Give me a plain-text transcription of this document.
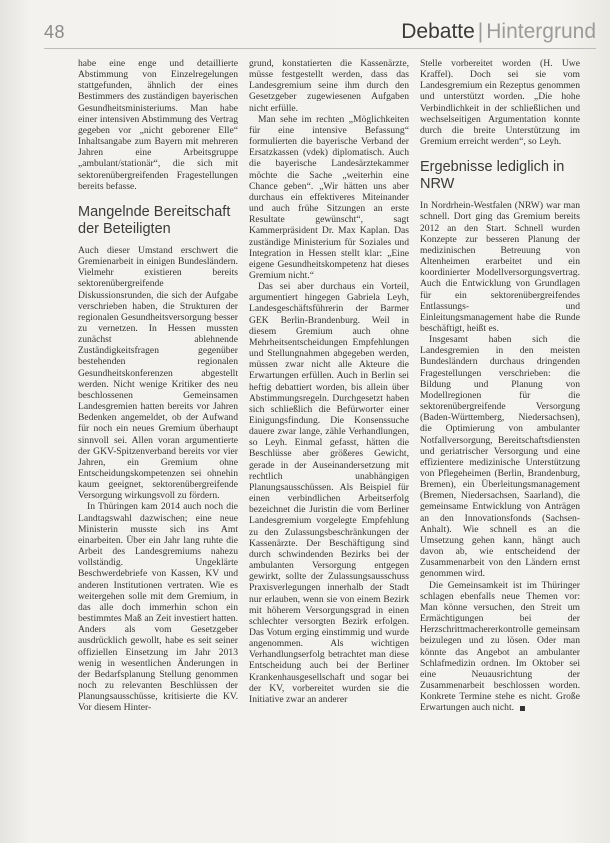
48	Debatte | Hintergrund

habe eine enge und detaillierte Abstimmung von Einzelregelungen stattgefunden, ähnlich der eines Bestimmers des zuständigen bayerischen Gesundheitsministeriums. Man habe einer intensiven Abstimmung des Vertrag gegeben vor „nicht geborener Elle“ Inhaltsangabe zum Bayern mit mehreren Jahren eine Arbeitsgruppe „ambulant/stationär“, die sich mit sektorenübergreifenden Fragestellungen bereits befasse.

Mangelnde Bereitschaft der Beteiligten

Auch dieser Umstand erschwert die Gremienarbeit in einigen Bundesländern. Vielmehr existieren bereits sektorenübergreifende Diskussionsrunden, die sich der Aufgabe verschrieben haben, die Strukturen der regionalen Gesundheitsversorgung besser zu vernetzen. In Hessen mussten zunächst ablehnende Zuständigkeitsfragen gegenüber bestehenden regionalen Gesundheitskonferenzen abgestellt werden. Nicht wenige Kritiker des neu beschlossenen Gemeinsamen Landesgremien hatten bereits vor Jahren Bedenken angemeldet, ob der Aufwand für noch ein neues Gremium überhaupt sinnvoll sei. Allen voran argumentierte der GKV-Spitzenverband bereits vor vier Jahren, ein Gremium ohne Entscheidungskompetenzen sei ohnehin kaum geeignet, sektorenübergreifende Versorgung wirkungsvoll zu fördern.

In Thüringen kam 2014 auch noch die Landtagswahl dazwischen; eine neue Ministerin musste sich ins Amt einarbeiten. Über ein Jahr lang ruhte die Arbeit des Landesgremiums nahezu vollständig. Ungeklärte Beschwerdebriefe von Kassen, KV und anderen Institutionen vertraten. Wie es weitergehen solle mit dem Gremium, in das alle doch immerhin schon ein bestimmtes Maß an Zeit investiert hatten. Anders als vom Gesetzgeber ausdrücklich gewollt, habe es seit seiner offiziellen Einsetzung im Jahr 2013 wenig in wesentlichen Änderungen in der Bedarfsplanung Stellung genommen noch zu relevanten Beschlüssen der Planungsausschüsse, kritisierte die KV. Vor diesem Hinter-

grund, konstatierten die Kassenärzte, müsse festgestellt werden, dass das Landesgremium seine ihm durch den Gesetzgeber zugewiesenen Aufgaben nicht erfülle.

Man sehe im rechten „Möglichkeiten für eine intensive Befassung“ formulierten die bayerische Verband der Ersatzkassen (vdek) diplomatisch. Auch die bayerische Landesärztekammer möchte die Sache „weiterhin eine Chance geben“. „Wir hätten uns aber durchaus ein effektiveres Miteinander und auch frühe Sitzungen an erste Resultate gewünscht“, sagt Kammerpräsident Dr. Max Kaplan. Das zuständige Ministerium für Soziales und Integration in Hessen stellt klar: „Eine eigene Gesundheitskompetenz hat dieses Gremium nicht.“

Das sei aber durchaus ein Vorteil, argumentiert hingegen Gabriela Leyh, Landesgeschäftsführerin der Barmer GEK Berlin-Brandenburg. Weil in diesem Gremium auch ohne Mehrheitsentscheidungen Empfehlungen und Stellungnahmen abgegeben werden, müssen zwar nicht alle Akteure die Erwartungen erfüllen. Auch in Berlin sei heftig debattiert worden, bis allein über Abstimmungsregeln. Durchgesetzt haben sich schließlich die Befürworter einer Einigungsfindung. Die Konsenssuche dauere zwar lange, zähle Verhandlungen, so Leyh. Einmal gefasst, hätten die Beschlüsse aber größeres Gewicht, gerade in der Auseinandersetzung mit rechtlich unabhängigen Planungsausschüssen. Als Beispiel für einen verbindlichen Arbeitserfolg bezeichnet die Juristin die vom Berliner Landesgremium vorgelegte Empfehlung zu den Zulassungsbeschränkungen der Kassenärzte. Der Beschäftigung sind durch schwindenden Bezirks bei der ambulanten Versorgung entgegen gewirkt, sollte der Zulassungsausschuss Praxisverlegungen innerhalb der Stadt nur erlauben, wenn sie von einem Bezirk mit höherem Versorgungsgrad in einen schlechter versorgten Bezirk erfolgen. Das Votum erging einstimmig und wurde angenommen. Als wichtigen Verhandlungserfolg betrachtet man diese Entscheidung auch bei der Berliner Krankenhausgesellschaft und sogar bei der KV, vorbereitet wurden sie die Initiative zwar an anderer

Stelle vorbereitet worden (H. Uwe Kraffel). Doch sei sie vom Landesgremium ein Rezeptus genommen und unterstützt worden. „Die hohe Verbindlichkeit in der schließlichen und wechselseitigen Argumentation konnte durch die breite Unterstützung im Gremium erreicht werden“, so Leyh.

Ergebnisse lediglich in NRW

In Nordrhein-Westfalen (NRW) war man schnell. Dort ging das Gremium bereits 2012 an den Start. Schnell wurden Konzepte zur besseren Planung der medizinischen Betreuung von Altenheimen erarbeitet und ein koordinierter Modellversorgungsvertrag. Auch die Entwicklung von Grundlagen für ein sektorenübergreifendes Entlassungs- und Einleitungsmanagement habe die Runde beschäftigt, heißt es.

Insgesamt haben sich die Landesgremien in den meisten Bundesländern durchaus dringenden Fragestellungen verschrieben: die Bildung und Planung von Modellregionen für die sektorenübergreifende Versorgung (Baden-Württemberg, Niedersachsen), die Optimierung von ambulanter Notfallversorgung, Bereitschaftsdiensten und geriatrischer Versorgung und eine effizientere medizinische Unterstützung von Pflegeheimen (Berlin, Brandenburg, Bremen), ein Überleitungsmanagement (Bremen, Niedersachsen, Saarland), die gemeinsame Entwicklung von Anträgen an den Innovationsfonds (Sachsen-Anhalt). Wie schnell es an die Umsetzung gehen kann, hängt auch davon ab, wie entscheidend der Zusammenarbeit von den Ländern ernst genommen wird.

Die Gemeinsamkeit ist im Thüringer schlagen ebenfalls neue Themen vor: Man könne versuchen, den Streit um Ermächtigungen bei der Herzschrittmachererkontrolle gemeinsam beizulegen und zu lösen. Oder man könnte das Angebot an ambulanter Schlafmedizin ordnen. Im Oktober sei eine Neuausrichtung der Zusammenarbeit beschlossen worden. Konkrete Termine stehe es nicht. Große Erwartungen auch nicht.
